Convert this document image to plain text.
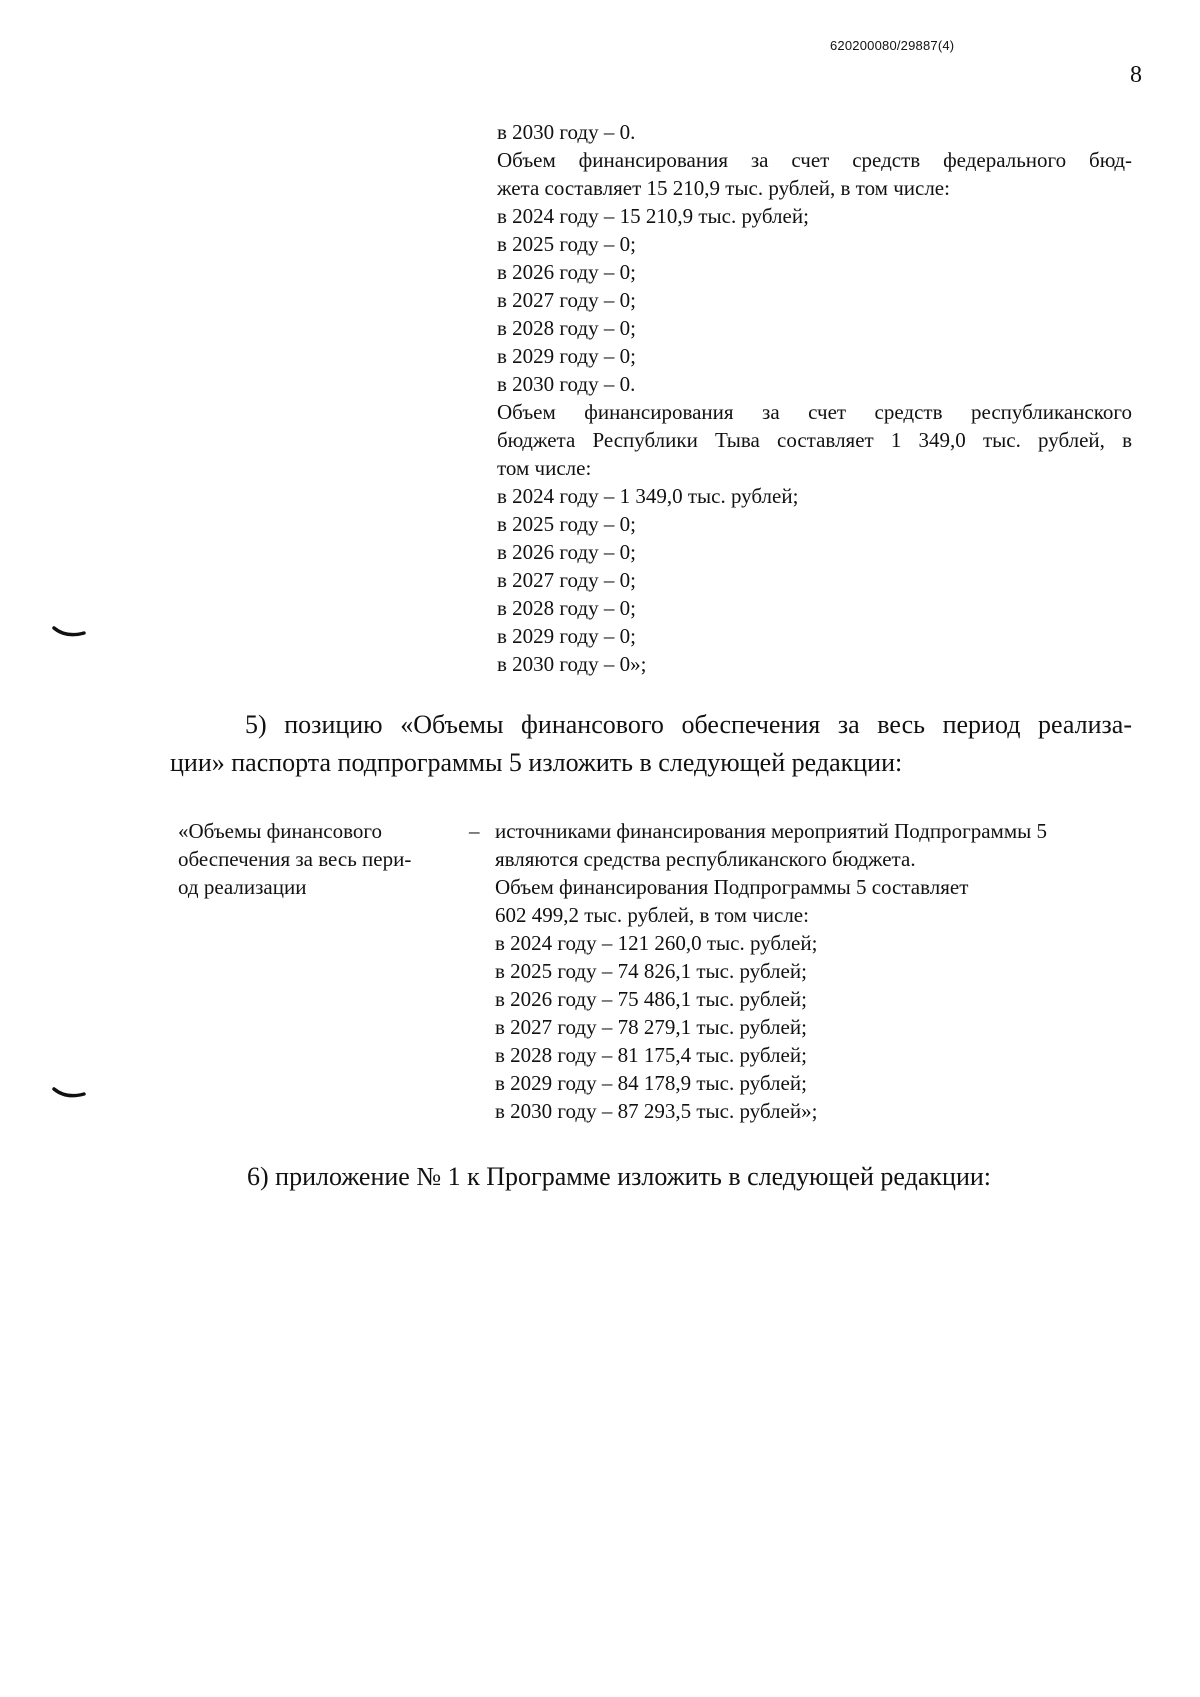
620200080/29887(4)
8
в 2030 году – 0.
Объем финансирования за счет средств федерального бюд-
жета составляет 15 210,9 тыс. рублей, в том числе:
в 2024 году – 15 210,9 тыс. рублей;
в 2025 году – 0;
в 2026 году – 0;
в 2027 году – 0;
в 2028 году – 0;
в 2029 году – 0;
в 2030 году – 0.
Объем финансирования за счет средств республиканского
бюджета Республики Тыва составляет 1 349,0 тыс. рублей, в
том числе:
в 2024 году – 1 349,0 тыс. рублей;
в 2025 году – 0;
в 2026 году – 0;
в 2027 году – 0;
в 2028 году – 0;
в 2029 году – 0;
в 2030 году – 0»;
5) позицию «Объемы финансового обеспечения за весь период реализа-
ции» паспорта подпрограммы 5 изложить в следующей редакции:
«Объемы финансового
обеспечения за весь пери-
од реализации
– источниками финансирования мероприятий Подпрограммы 5
являются средства республиканского бюджета.
Объем финансирования Подпрограммы 5 составляет
602 499,2 тыс. рублей, в том числе:
в 2024 году – 121 260,0 тыс. рублей;
в 2025 году – 74 826,1 тыс. рублей;
в 2026 году – 75 486,1 тыс. рублей;
в 2027 году – 78 279,1 тыс. рублей;
в 2028 году – 81 175,4 тыс. рублей;
в 2029 году – 84 178,9 тыс. рублей;
в 2030 году – 87 293,5 тыс. рублей»;
6) приложение № 1 к Программе изложить в следующей редакции:
